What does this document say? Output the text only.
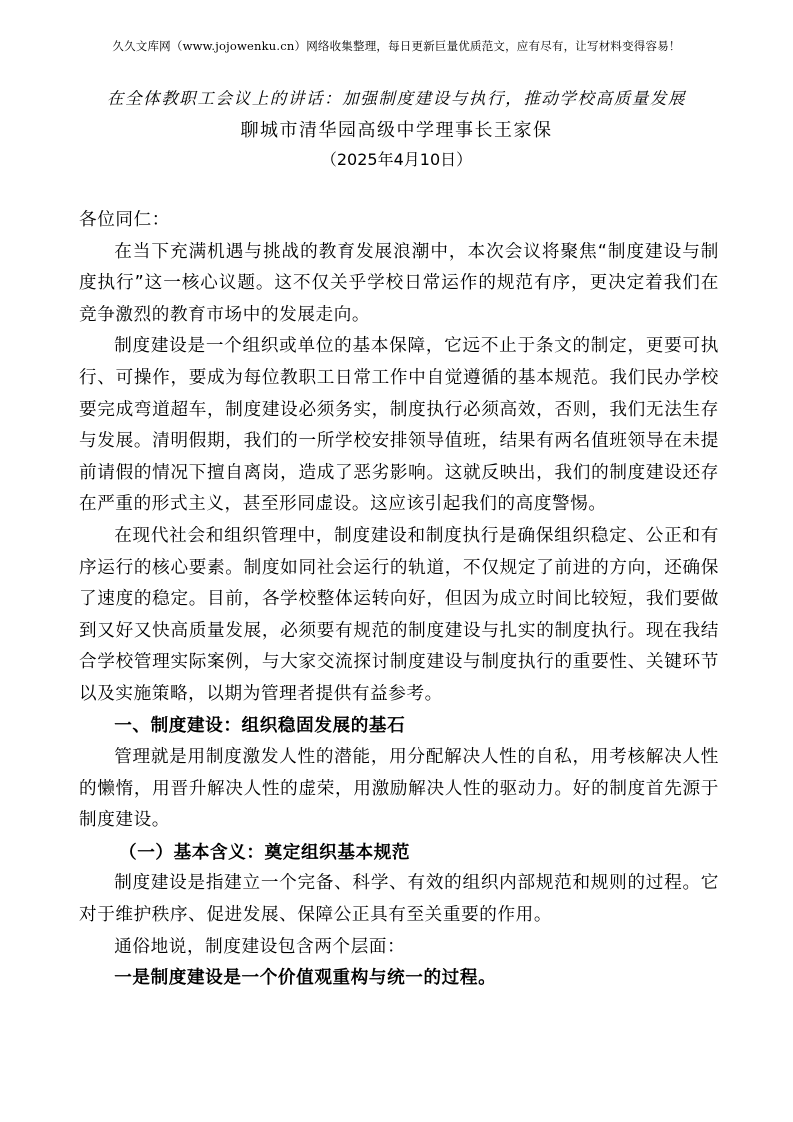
久久文库网（www.jojowenku.cn）网络收集整理，每日更新巨量优质范文，应有尽有，让写材料变得容易！
在全体教职工会议上的讲话：加强制度建设与执行，推动学校高质量发展
聊城市清华园高级中学理事长王家保
（2025年4月10日）

各位同仁：

在当下充满机遇与挑战的教育发展浪潮中，本次会议将聚焦“制度建设与制度执行”这一核心议题。这不仅关乎学校日常运作的规范有序，更决定着我们在竞争激烈的教育市场中的发展走向。

制度建设是一个组织或单位的基本保障，它远不止于条文的制定，更要可执行、可操作，要成为每位教职工日常工作中自觉遵循的基本规范。我们民办学校要完成弯道超车，制度建设必须务实，制度执行必须高效，否则，我们无法生存与发展。清明假期，我们的一所学校安排领导值班，结果有两名值班领导在未提前请假的情况下擅自离岗，造成了恶劣影响。这就反映出，我们的制度建设还存在严重的形式主义，甚至形同虚设。这应该引起我们的高度警惕。

在现代社会和组织管理中，制度建设和制度执行是确保组织稳定、公正和有序运行的核心要素。制度如同社会运行的轨道，不仅规定了前进的方向，还确保了速度的稳定。目前，各学校整体运转向好，但因为成立时间比较短，我们要做到又好又快高质量发展，必须要有规范的制度建设与扎实的制度执行。现在我结合学校管理实际案例，与大家交流探讨制度建设与制度执行的重要性、关键环节以及实施策略，以期为管理者提供有益参考。

一、制度建设：组织稳固发展的基石

管理就是用制度激发人性的潜能，用分配解决人性的自私，用考核解决人性的懒惰，用晋升解决人性的虚荣，用激励解决人性的驱动力。好的制度首先源于制度建设。

（一）基本含义：奠定组织基本规范

制度建设是指建立一个完备、科学、有效的组织内部规范和规则的过程。它对于维护秩序、促进发展、保障公正具有至关重要的作用。

通俗地说，制度建设包含两个层面：

一是制度建设是一个价值观重构与统一的过程。
